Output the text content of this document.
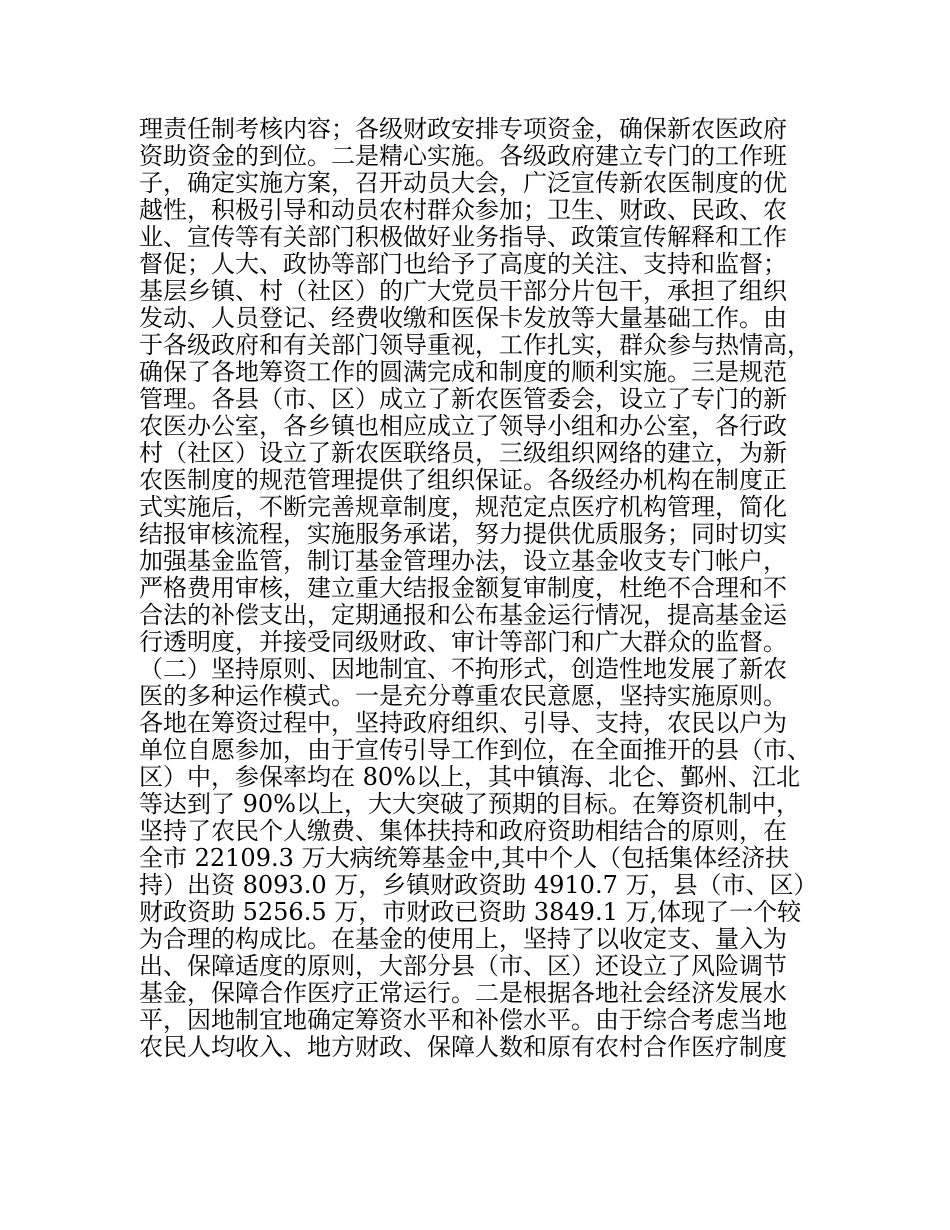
理责任制考核内容；各级财政安排专项资金，确保新农医政府
资助资金的到位。二是精心实施。各级政府建立专门的工作班
子，确定实施方案，召开动员大会，广泛宣传新农医制度的优
越性，积极引导和动员农村群众参加；卫生、财政、民政、农
业、宣传等有关部门积极做好业务指导、政策宣传解释和工作
督促；人大、政协等部门也给予了高度的关注、支持和监督；
基层乡镇、村（社区）的广大党员干部分片包干，承担了组织
发动、人员登记、经费收缴和医保卡发放等大量基础工作。由
于各级政府和有关部门领导重视，工作扎实，群众参与热情高，
确保了各地筹资工作的圆满完成和制度的顺利实施。三是规范
管理。各县（市、区）成立了新农医管委会，设立了专门的新
农医办公室，各乡镇也相应成立了领导小组和办公室，各行政
村（社区）设立了新农医联络员，三级组织网络的建立，为新
农医制度的规范管理提供了组织保证。各级经办机构在制度正
式实施后，不断完善规章制度，规范定点医疗机构管理，简化
结报审核流程，实施服务承诺，努力提供优质服务；同时切实
加强基金监管，制订基金管理办法，设立基金收支专门帐户，
严格费用审核，建立重大结报金额复审制度，杜绝不合理和不
合法的补偿支出，定期通报和公布基金运行情况，提高基金运
行透明度，并接受同级财政、审计等部门和广大群众的监督。
（二）坚持原则、因地制宜、不拘形式，创造性地发展了新农
医的多种运作模式。一是充分尊重农民意愿，坚持实施原则。
各地在筹资过程中，坚持政府组织、引导、支持，农民以户为
单位自愿参加，由于宣传引导工作到位，在全面推开的县（市、
区）中，参保率均在 80%以上，其中镇海、北仑、鄞州、江北
等达到了 90%以上，大大突破了预期的目标。在筹资机制中，
坚持了农民个人缴费、集体扶持和政府资助相结合的原则，在
全市 22109.3 万大病统筹基金中,其中个人（包括集体经济扶
持）出资 8093.0 万，乡镇财政资助 4910.7 万，县（市、区）
财政资助 5256.5 万，市财政已资助 3849.1 万,体现了一个较
为合理的构成比。在基金的使用上，坚持了以收定支、量入为
出、保障适度的原则，大部分县（市、区）还设立了风险调节
基金，保障合作医疗正常运行。二是根据各地社会经济发展水
平，因地制宜地确定筹资水平和补偿水平。由于综合考虑当地
农民人均收入、地方财政、保障人数和原有农村合作医疗制度
